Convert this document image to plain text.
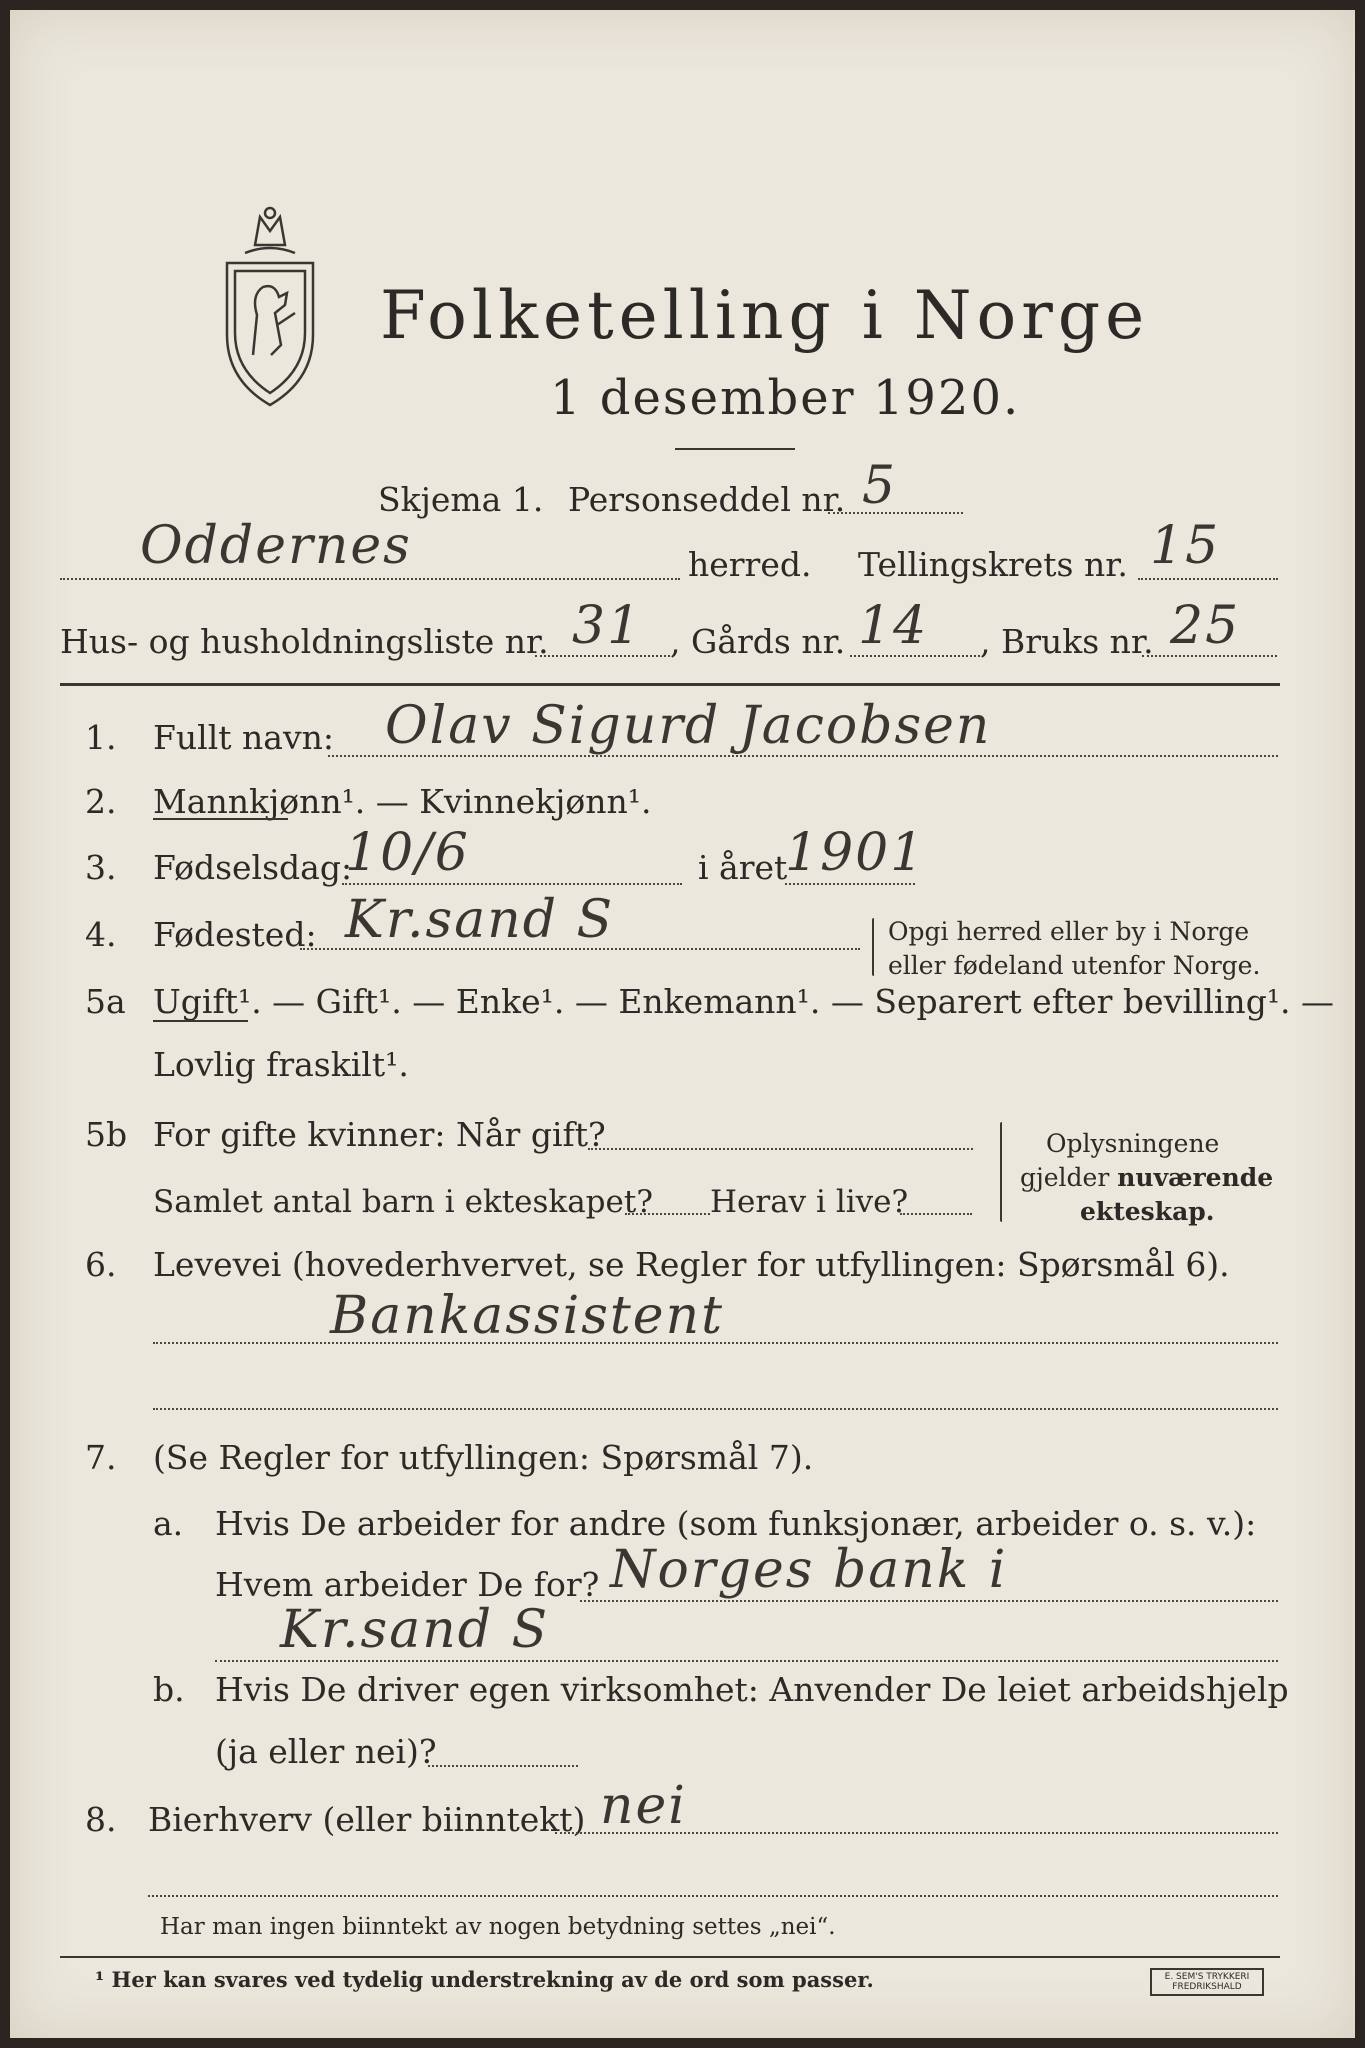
Folketelling i Norge
1 desember 1920.
Skjema 1. Personseddel nr. 5
Oddernes	herred. Tellingskrets nr. 15
Hus- og husholdningsliste nr. 31 , Gårds nr. 14 , Bruks nr. 25
1. Fullt navn: Olav Sigurd Jacobsen
2. Mannkjønn¹. — Kvinnekjønn¹.
3. Fødselsdag:
10/6	i året
1901
4. Fødested: Kr.sand S	Opgi herred eller by i Norge
eller fødeland utenfor Norge.
5a Ugift¹. — Gift¹. — Enke¹. — Enkemann¹. — Separert efter bevilling¹. —
Lovlig fraskilt¹.
5b For gifte kvinner: Når gift?
Samlet antal barn i ekteskapet? Herav i live?
Oplysningene
gjelder nuværende
ekteskap.
6. Levevei (hovederhvervet, se Regler for utfyllingen: Spørsmål 6).
Bankassistent
7. (Se Regler for utfyllingen: Spørsmål 7).
a. Hvis De arbeider for andre (som funksjonær, arbeider o. s. v.):
Hvem arbeider De for? Norges bank i
Kr.sand S
b. Hvis De driver egen virksomhet: Anvender De leiet arbeidshjelp
(ja eller nei)?
8. Bierhverv (eller biinntekt) nei
Har man ingen biinntekt av nogen betydning settes „nei“.
¹ Her kan svares ved tydelig understrekning av de ord som passer.	E. SEM'S TRYKKERI FREDRIKSHALD
